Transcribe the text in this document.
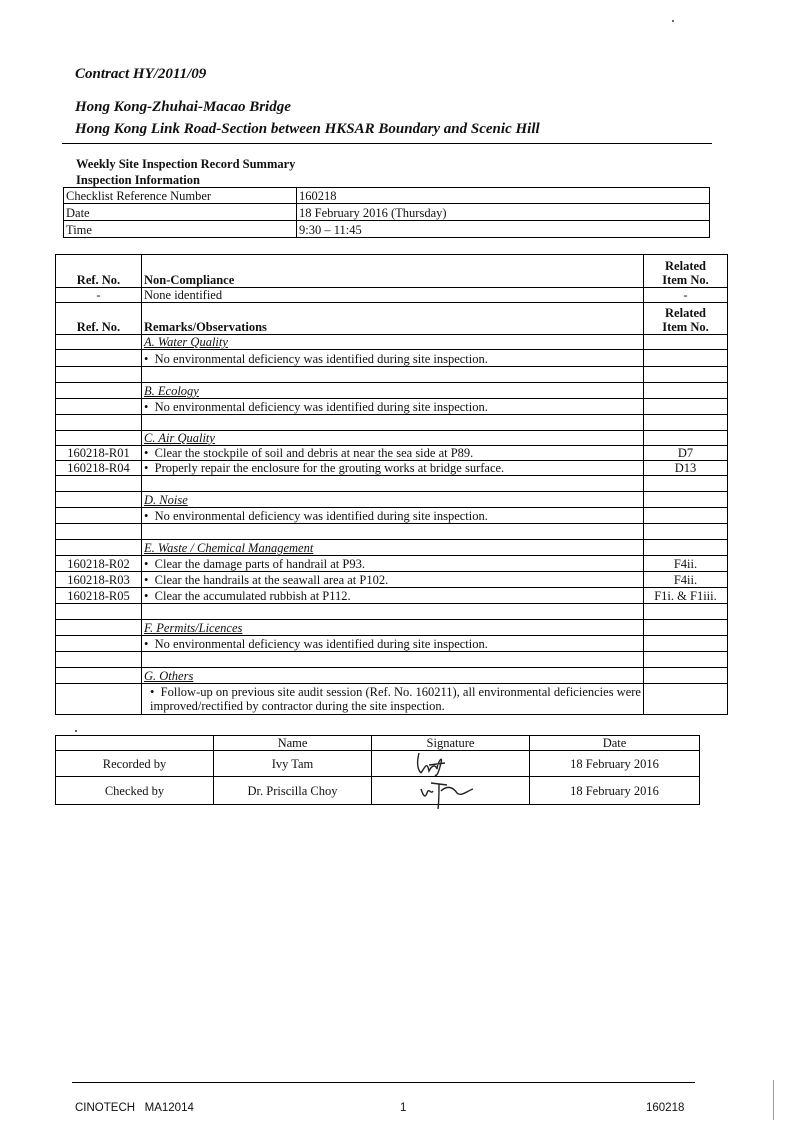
Contract HY/2011/09
Hong Kong-Zhuhai-Macao Bridge
Hong Kong Link Road-Section between HKSAR Boundary and Scenic Hill
Weekly Site Inspection Record Summary
Inspection Information
Checklist Reference Number	160218
Date	18 February 2016 (Thursday)
Time	9:30 – 11:45
Ref. No.	Non-Compliance	Related
Item No.

-	None identified	-
Ref. No.	Remarks/Observations	Related
Item No.

	A. Water Quality	
	•  No environmental deficiency was identified during site inspection.	

	B. Ecology	
	•  No environmental deficiency was identified during site inspection.	

	C. Air Quality	
160218-R01	•  Clear the stockpile of soil and debris at near the sea side at P89.	D7
160218-R04	•  Properly repair the enclosure for the grouting works at bridge surface.	D13

	D. Noise	
	•  No environmental deficiency was identified during site inspection.	

	E. Waste / Chemical Management	
160218-R02	•  Clear the damage parts of handrail at P93.	F4ii.
160218-R03	•  Clear the handrails at the seawall area at P102.	F4ii.
160218-R05	•  Clear the accumulated rubbish at P112.	F1i. & F1iii.

	F. Permits/Licences	
	•  No environmental deficiency was identified during site inspection.	

	G. Others	
	•  Follow-up on previous site audit session (Ref. No. 160211), all environmental deficiencies were improved/rectified by contractor during the site inspection.	
	Name	Signature	Date
Recorded by	Ivy Tam		18 February 2016
Checked by	Dr. Priscilla Choy		18 February 2016
CINOTECH   MA12014	1	160218
